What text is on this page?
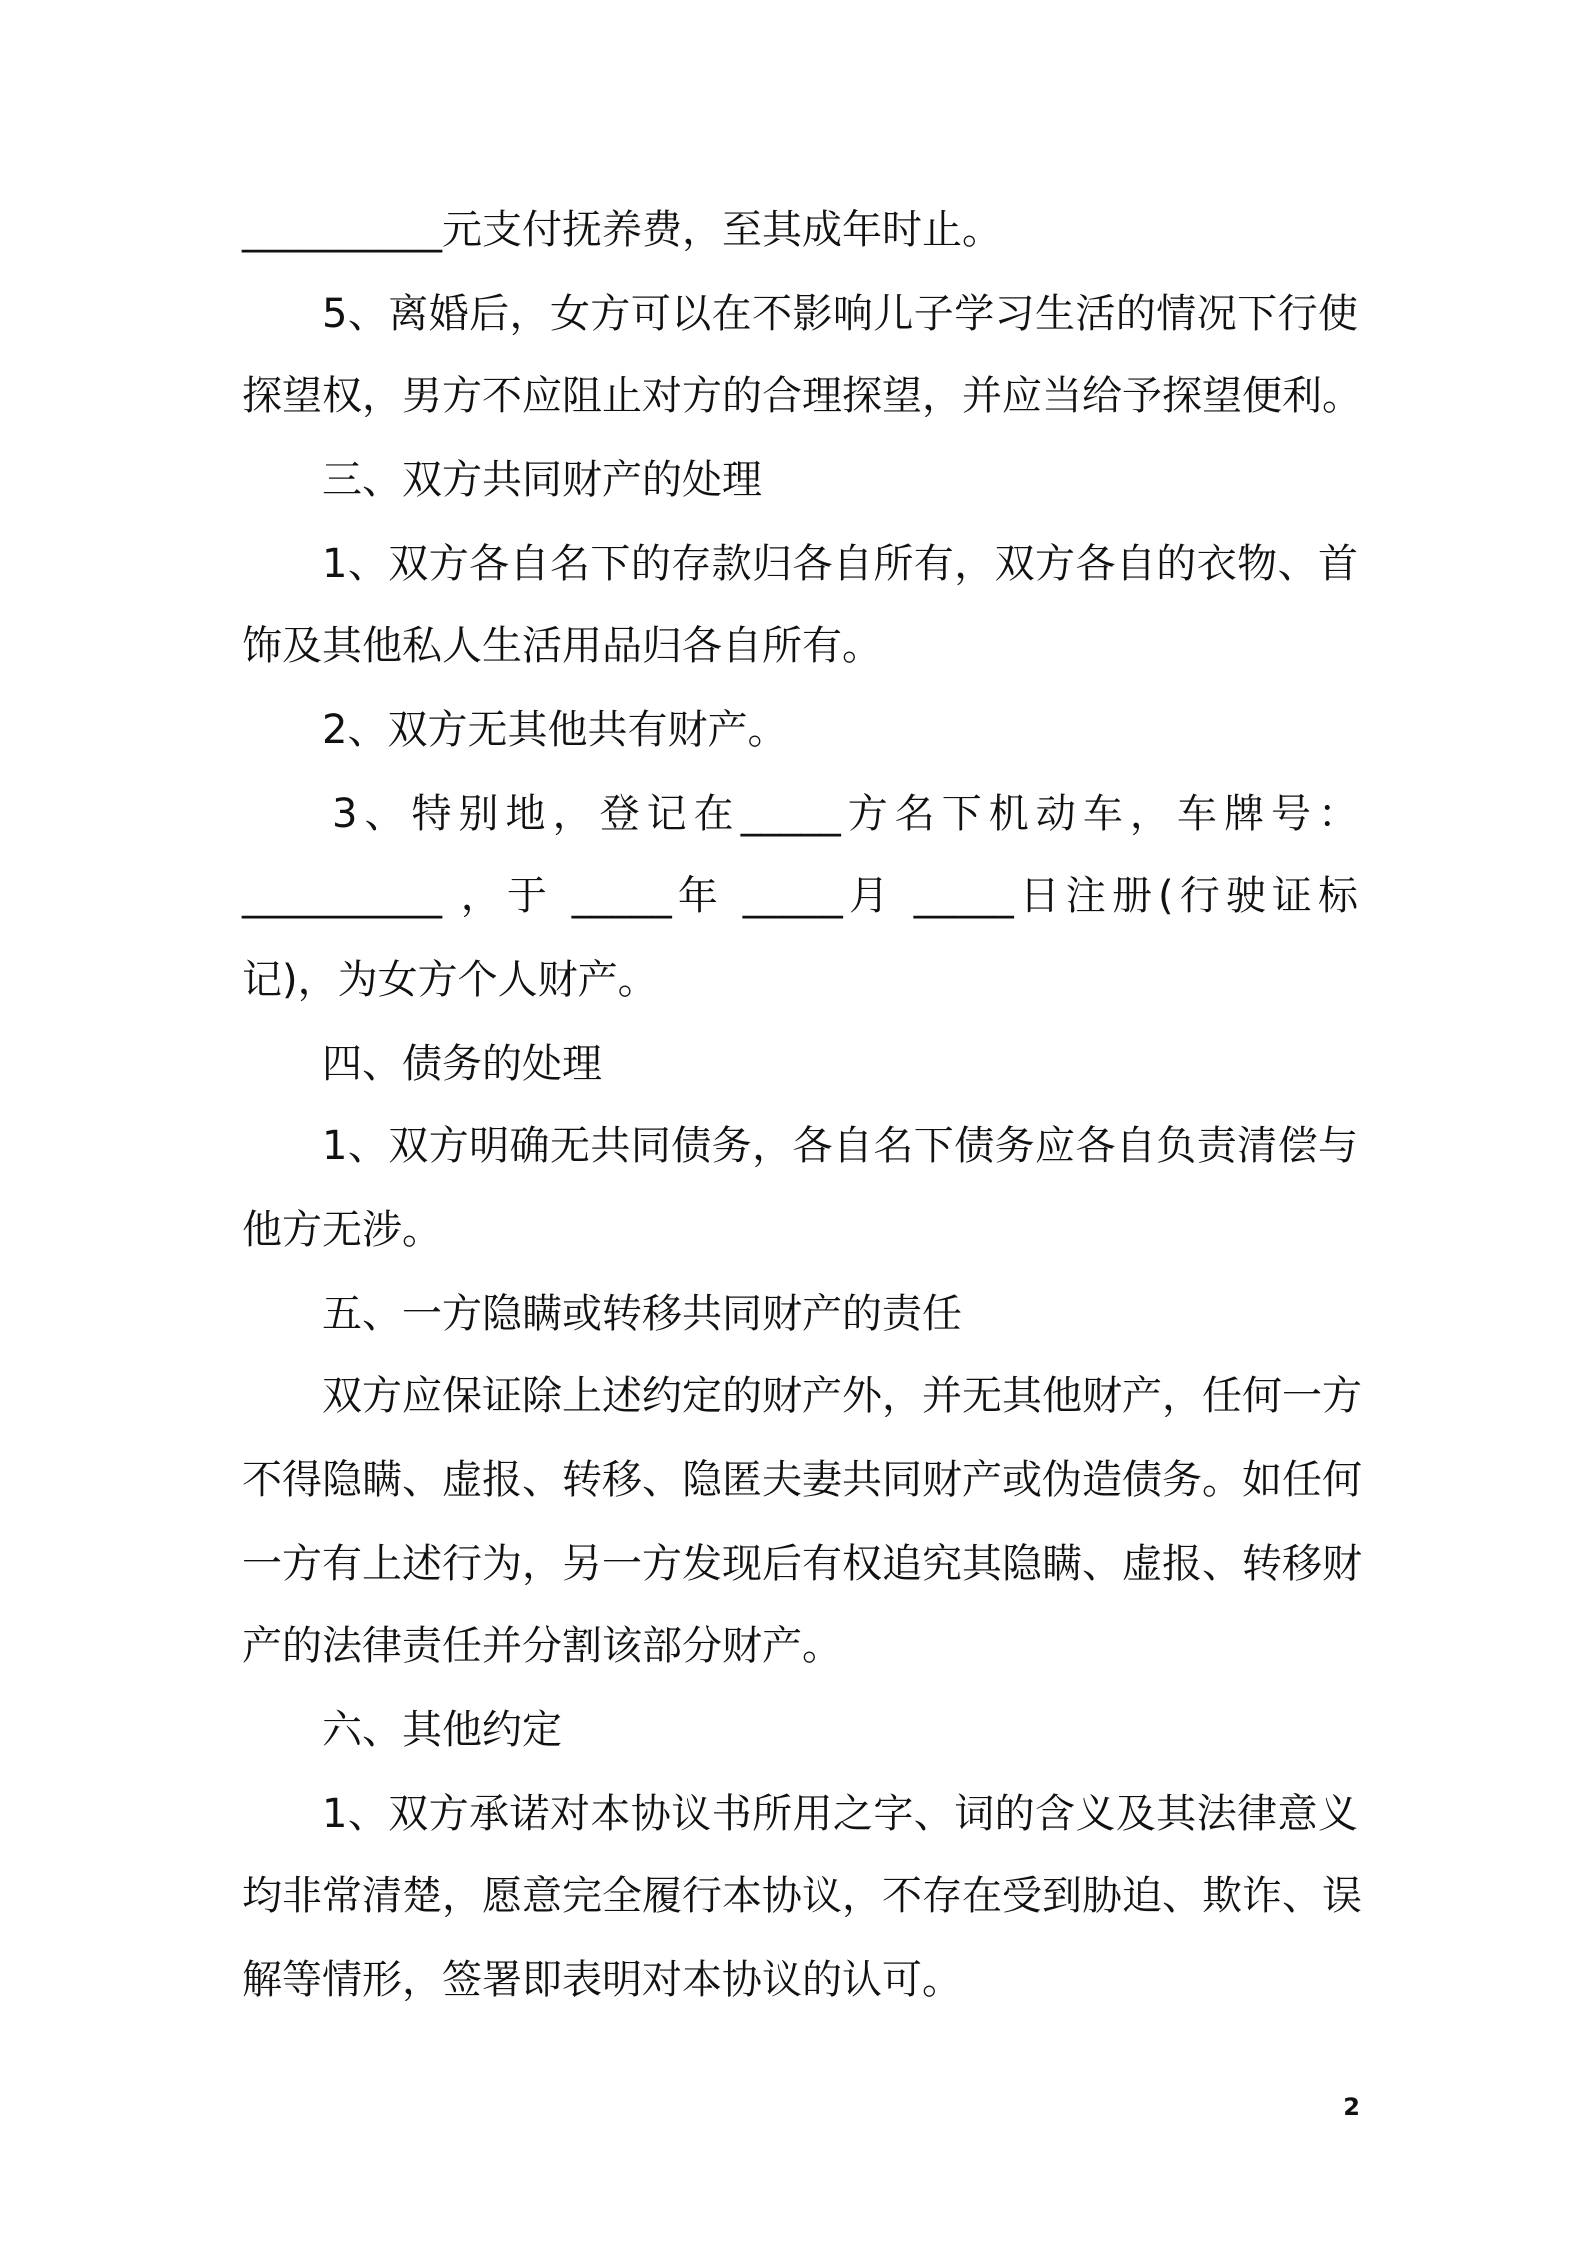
__________元支付抚养费，至其成年时止。
5、离婚后，女方可以在不影响儿子学习生活的情况下行使
探望权，男方不应阻止对方的合理探望，并应当给予探望便利。
三、双方共同财产的处理
1、双方各自名下的存款归各自所有，双方各自的衣物、首
饰及其他私人生活用品归各自所有。
2、双方无其他共有财产。
3、特别地，登记在_____方名下机动车，车牌号：
__________ ，于 _____年 _____月 _____日注册(行驶证标
记)，为女方个人财产。
四、债务的处理
1、双方明确无共同债务，各自名下债务应各自负责清偿与
他方无涉。
五、一方隐瞒或转移共同财产的责任
双方应保证除上述约定的财产外，并无其他财产，任何一方
不得隐瞒、虚报、转移、隐匿夫妻共同财产或伪造债务。如任何
一方有上述行为，另一方发现后有权追究其隐瞒、虚报、转移财
产的法律责任并分割该部分财产。
六、其他约定
1、双方承诺对本协议书所用之字、词的含义及其法律意义
均非常清楚，愿意完全履行本协议，不存在受到胁迫、欺诈、误
解等情形，签署即表明对本协议的认可。
2
